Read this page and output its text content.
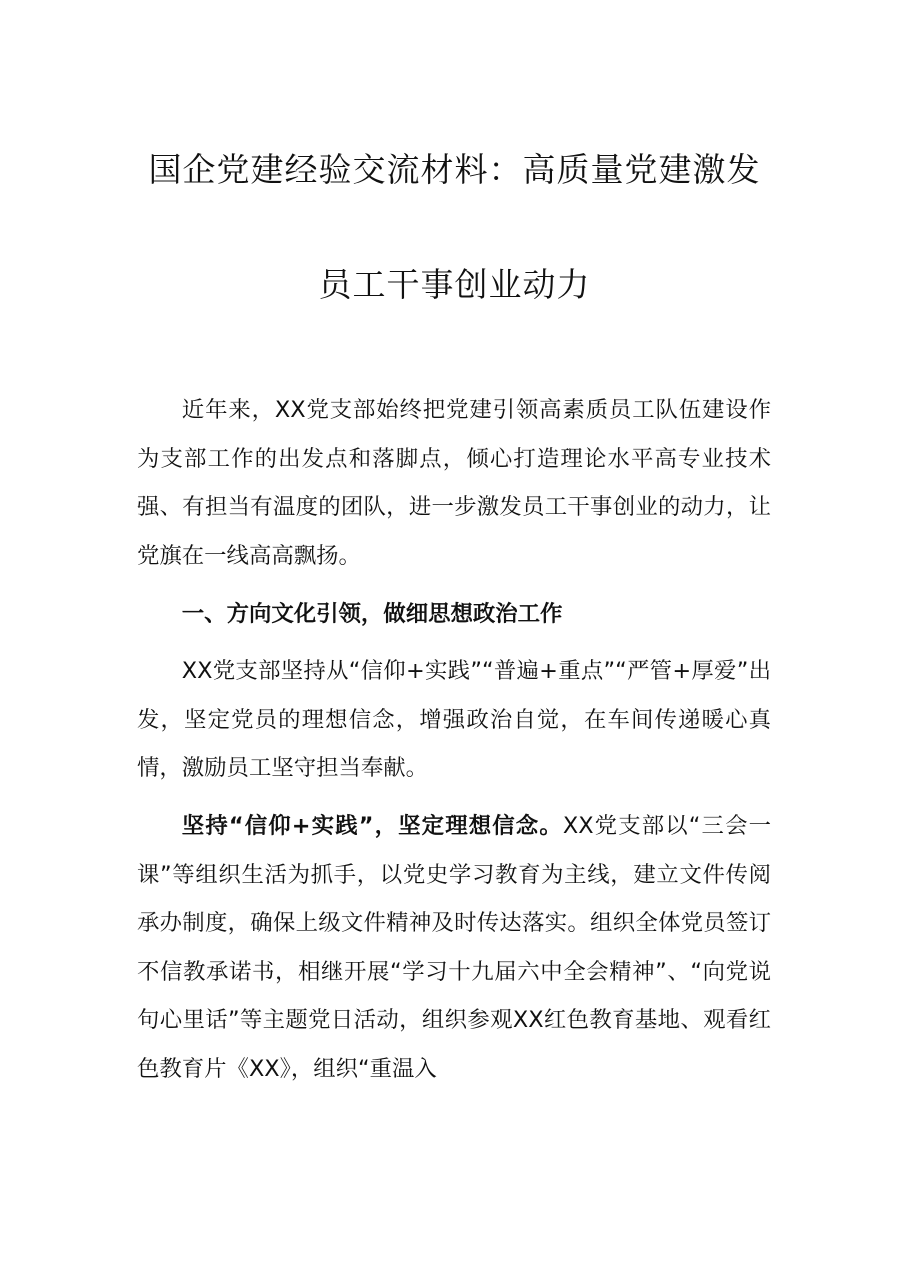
国企党建经验交流材料：高质量党建激发
员工干事创业动力

近年来，XX党支部始终把党建引领高素质员工队伍建设作为支部工作的出发点和落脚点，倾心打造理论水平高专业技术强、有担当有温度的团队，进一步激发员工干事创业的动力，让党旗在一线高高飘扬。

一、方向文化引领，做细思想政治工作

XX党支部坚持从“信仰+实践”“普遍+重点”“严管+厚爱”出发，坚定党员的理想信念，增强政治自觉，在车间传递暖心真情，激励员工坚守担当奉献。

坚持“信仰+实践”，坚定理想信念。XX党支部以“三会一课”等组织生活为抓手，以党史学习教育为主线，建立文件传阅承办制度，确保上级文件精神及时传达落实。组织全体党员签订不信教承诺书，相继开展“学习十九届六中全会精神”、“向党说句心里话”等主题党日活动，组织参观XX红色教育基地、观看红色教育片《XX》，组织“重温入
